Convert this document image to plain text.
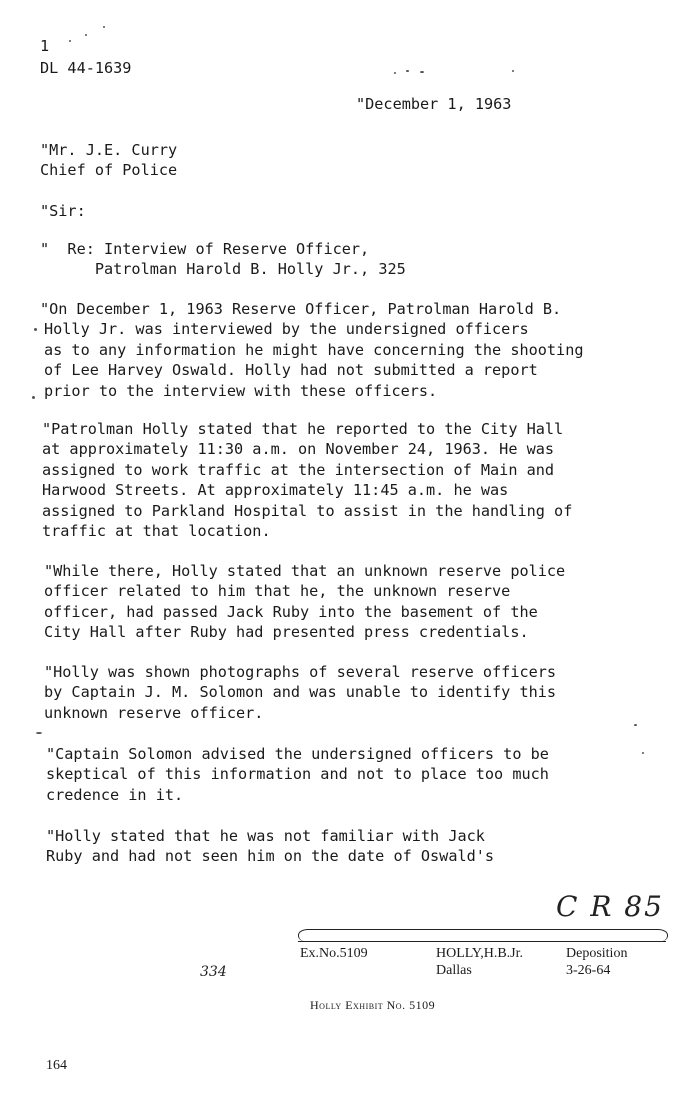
1
DL 44-1639
"December 1, 1963
"Mr. J.E. Curry
Chief of Police
"Sir:
"  Re: Interview of Reserve Officer,
Patrolman Harold B. Holly Jr., 325
"On December 1, 1963 Reserve Officer, Patrolman Harold B.
Holly Jr. was interviewed by the undersigned officers
as to any information he might have concerning the shooting
of Lee Harvey Oswald. Holly had not submitted a report
prior to the interview with these officers.
"Patrolman Holly stated that he reported to the City Hall
at approximately 11:30 a.m. on November 24, 1963. He was
assigned to work traffic at the intersection of Main and
Harwood Streets. At approximately 11:45 a.m. he was
assigned to Parkland Hospital to assist in the handling of
traffic at that location.
"While there, Holly stated that an unknown reserve police
officer related to him that he, the unknown reserve
officer, had passed Jack Ruby into the basement of the
City Hall after Ruby had presented press credentials.
"Holly was shown photographs of several reserve officers
by Captain J. M. Solomon and was unable to identify this
unknown reserve officer.
"Captain Solomon advised the undersigned officers to be
skeptical of this information and not to place too much
credence in it.
"Holly stated that he was not familiar with Jack
Ruby and had not seen him on the date of Oswald's
C R 85
Ex.No.5109	HOLLY,H.B.Jr.
Dallas
Deposition
3-26-64
334
Holly Exhibit No. 5109
164
